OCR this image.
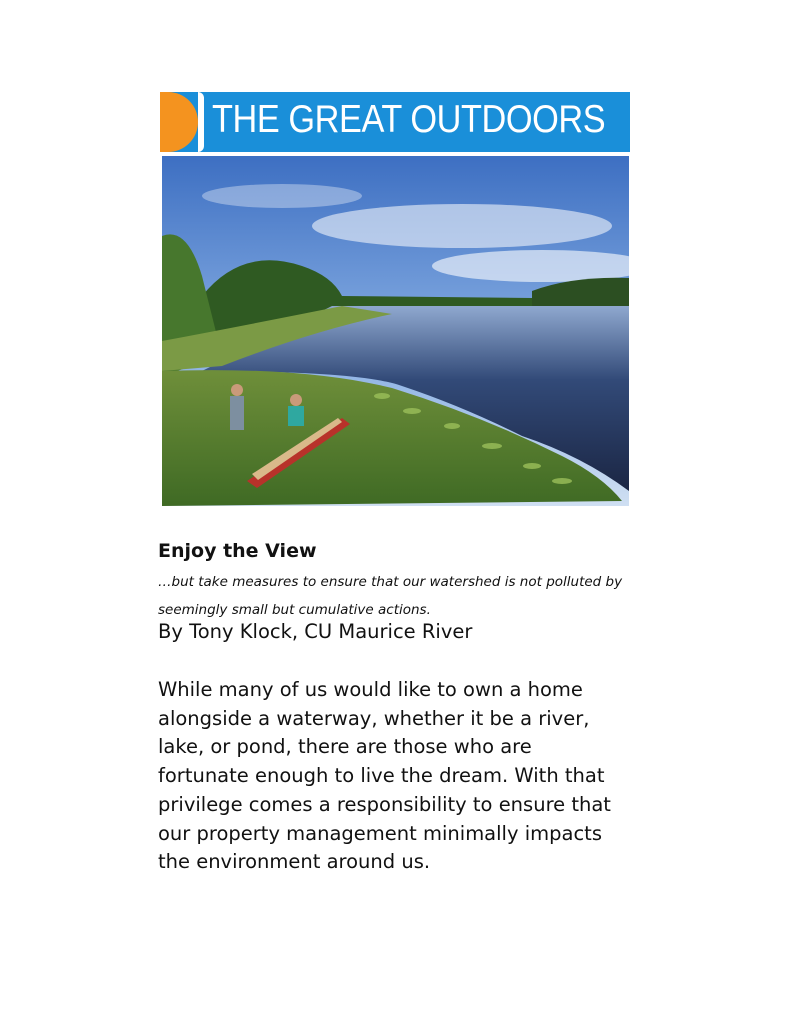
THE GREAT OUTDOORS
Enjoy the View
…but take measures to ensure that our watershed is not polluted by seemingly small but cumulative actions.
By Tony Klock, CU Maurice River
While many of us would like to own a home alongside a waterway, whether it be a river, lake, or pond, there are those who are fortunate enough to live the dream. With that privilege comes a responsibility to ensure that our property management minimally impacts the environment around us.
